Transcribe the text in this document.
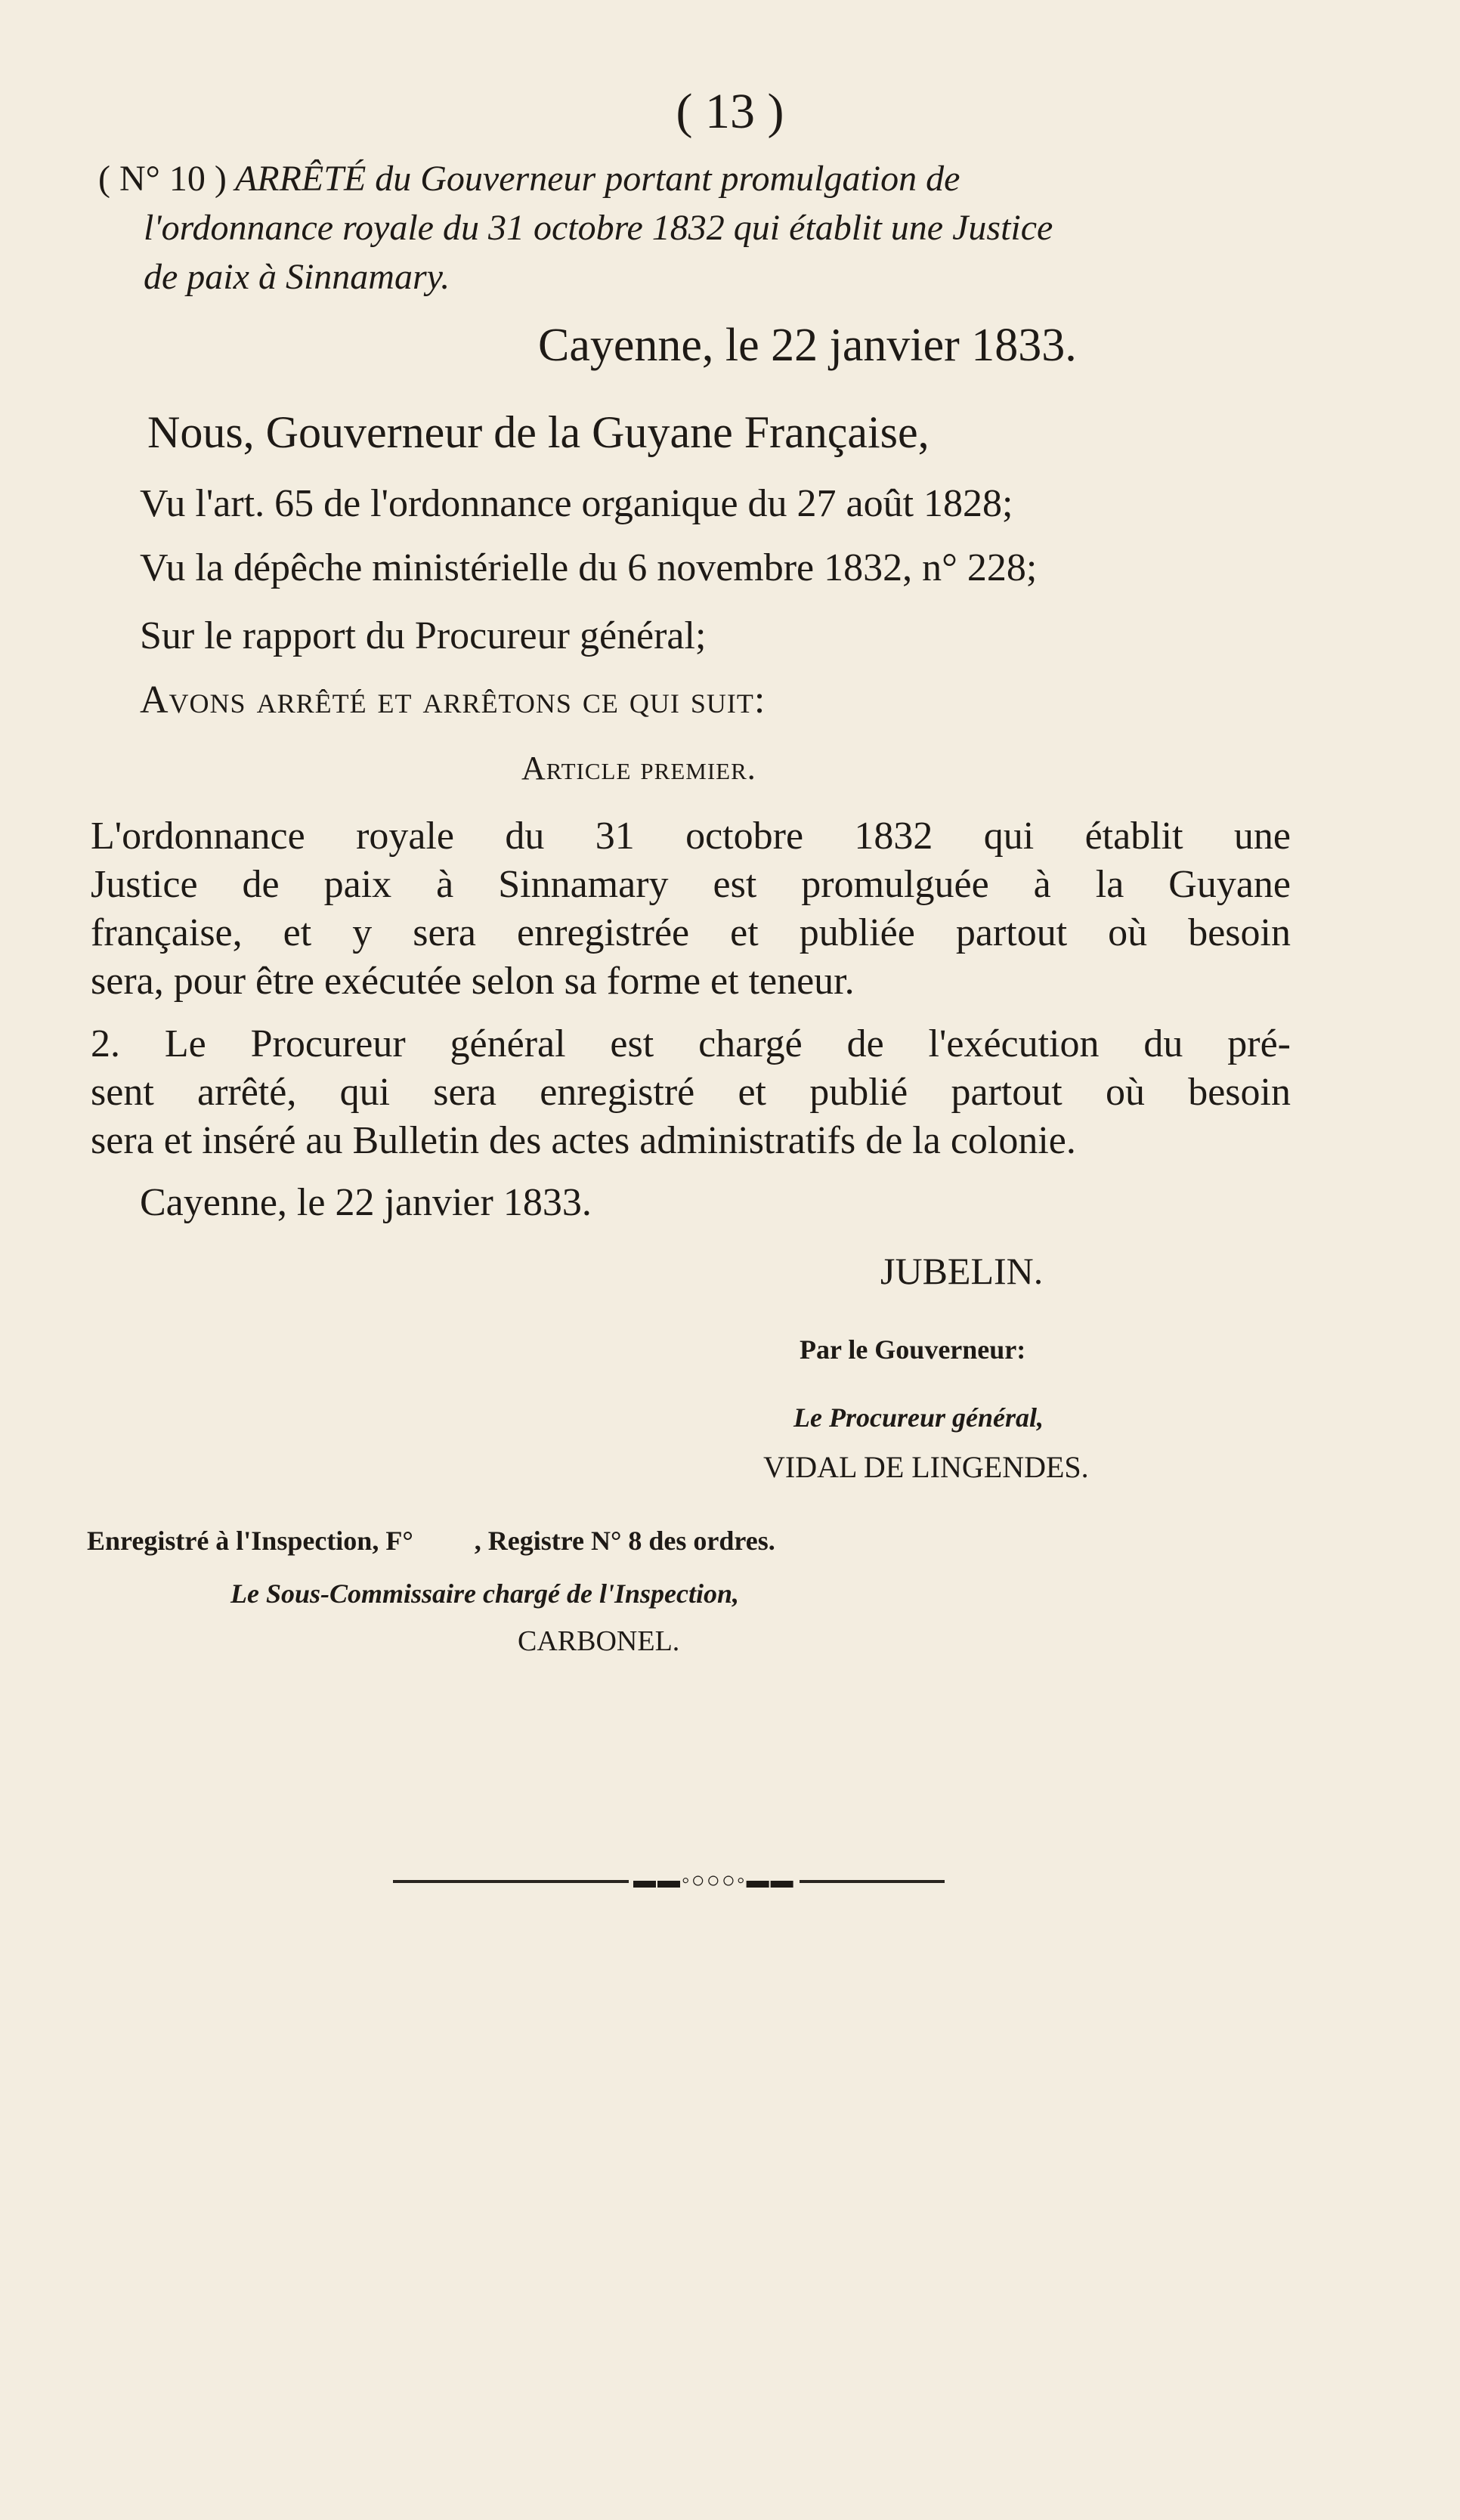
( 13 )
( N° 10 ) ARRÊTÉ du Gouverneur portant promulgation de
l'ordonnance royale du 31 octobre 1832 qui établit une Justice
de paix à Sinnamary.
Cayenne, le 22 janvier 1833.
Nous, Gouverneur de la Guyane Française,
Vu l'art. 65 de l'ordonnance organique du 27 août 1828;
Vu la dépêche ministérielle du 6 novembre 1832, n° 228;
Sur le rapport du Procureur général;
Avons arrêté et arrêtons ce qui suit:
Article premier.
L'ordonnance royale du 31 octobre 1832 qui établit une
Justice de paix à Sinnamary est promulguée à la Guyane
française, et y sera enregistrée et publiée partout où besoin
sera, pour être exécutée selon sa forme et teneur.
2. Le Procureur général est chargé de l'exécution du pré-
sent arrêté, qui sera enregistré et publié partout où besoin
sera et inséré au Bulletin des actes administratifs de la colonie.
Cayenne, le 22 janvier 1833.
JUBELIN.
Par le Gouverneur:
Le Procureur général,
VIDAL DE LINGENDES.
Enregistré à l'Inspection, F°         , Registre N° 8 des ordres.
Le Sous-Commissaire chargé de l'Inspection,
CARBONEL.
▬▬◦○○○◦▬▬
